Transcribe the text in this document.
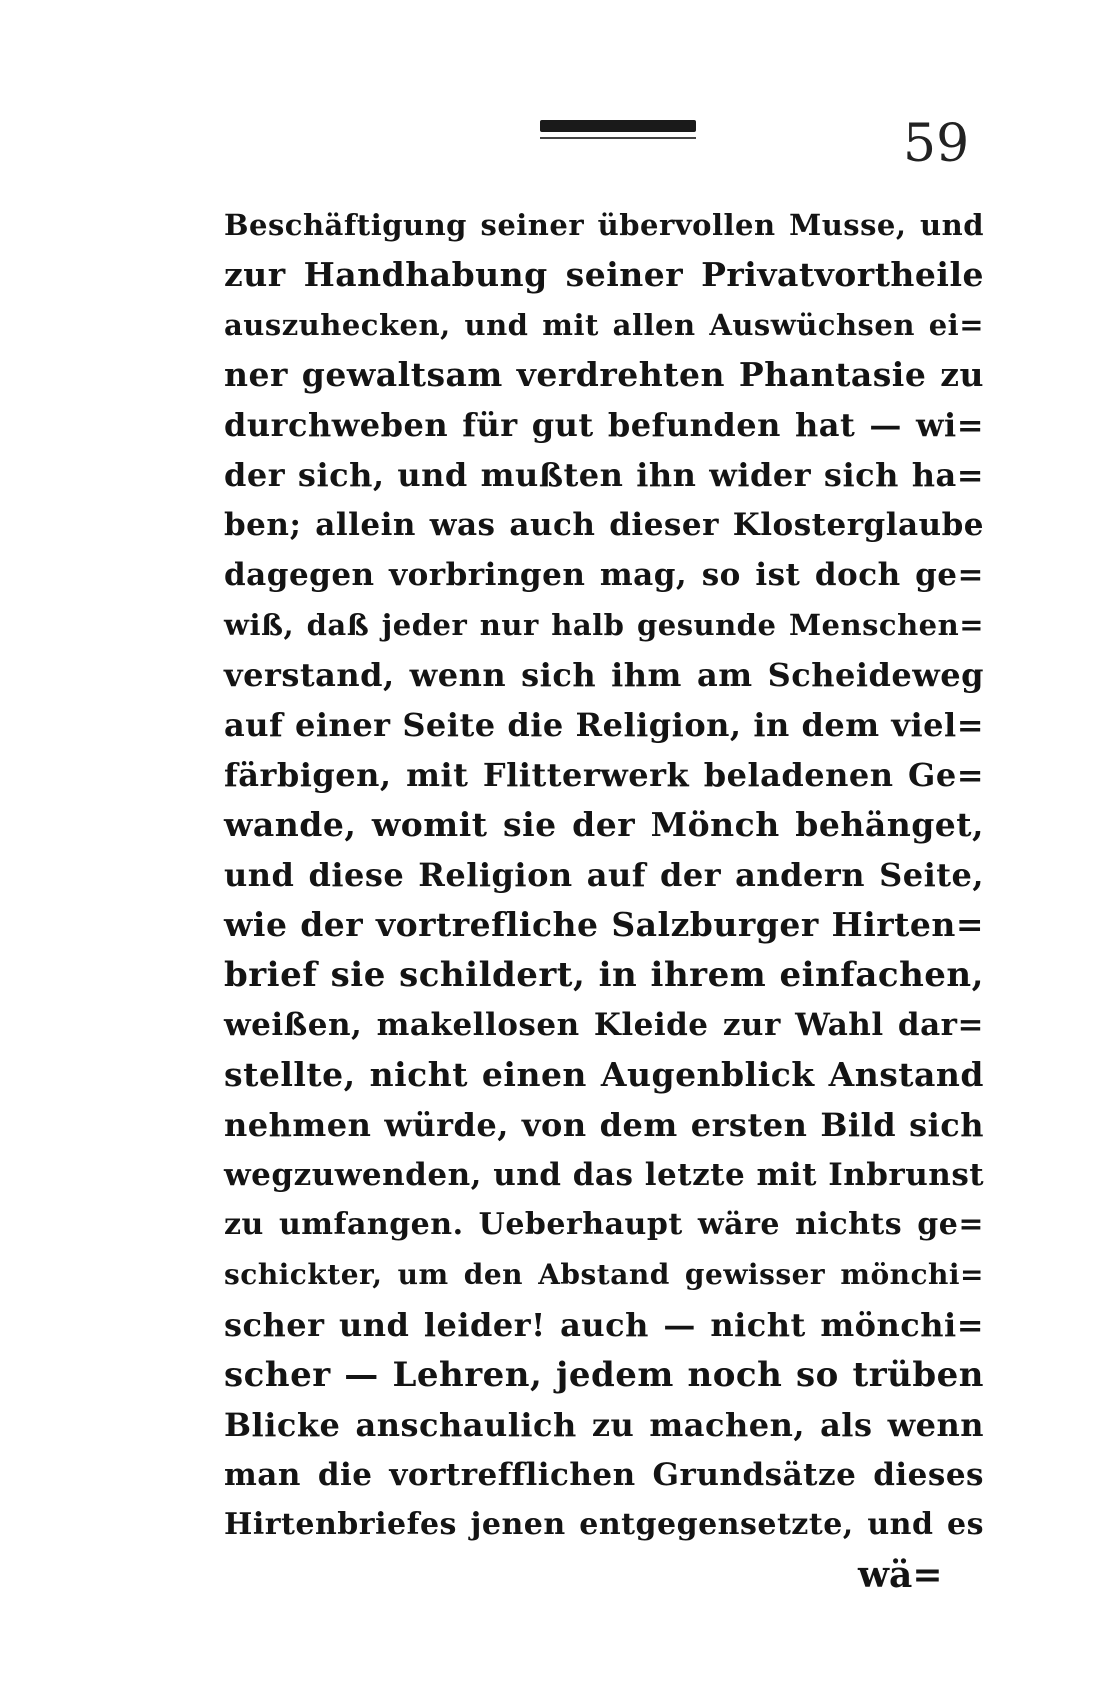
59
Beschäftigung seiner übervollen Musse, und
zur Handhabung seiner Privatvortheile
auszuhecken, und mit allen Auswüchsen ei=
ner gewaltsam verdrehten Phantasie zu
durchweben für gut befunden hat — wi=
der sich, und mußten ihn wider sich ha=
ben; allein was auch dieser Klosterglaube
dagegen vorbringen mag, so ist doch ge=
wiß, daß jeder nur halb gesunde Menschen=
verstand, wenn sich ihm am Scheideweg
auf einer Seite die Religion, in dem viel=
färbigen, mit Flitterwerk beladenen Ge=
wande, womit sie der Mönch behänget,
und diese Religion auf der andern Seite,
wie der vortrefliche Salzburger Hirten=
brief sie schildert, in ihrem einfachen,
weißen, makellosen Kleide zur Wahl dar=
stellte, nicht einen Augenblick Anstand
nehmen würde, von dem ersten Bild sich
wegzuwenden, und das letzte mit Inbrunst
zu umfangen. Ueberhaupt wäre nichts ge=
schickter, um den Abstand gewisser mönchi=
scher und leider! auch — nicht mönchi=
scher — Lehren, jedem noch so trüben
Blicke anschaulich zu machen, als wenn
man die vortrefflichen Grundsätze dieses
Hirtenbriefes jenen entgegensetzte, und es
wä=
